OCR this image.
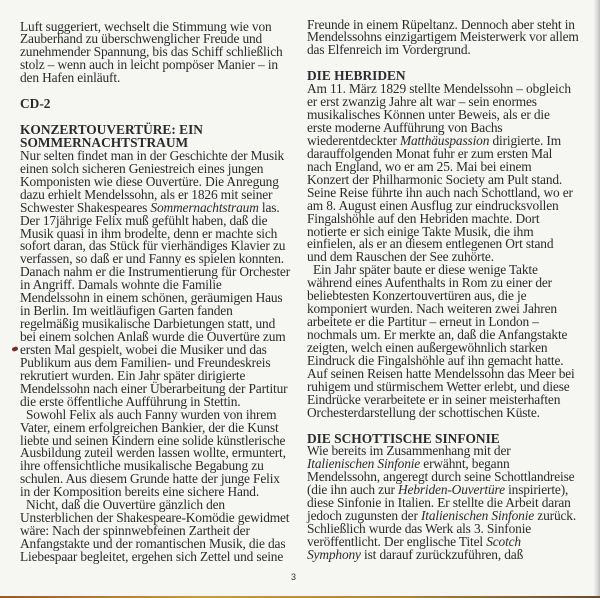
Luft suggeriert, wechselt die Stimmung wie von
Zauberhand zu überschwenglicher Freude und
zunehmender Spannung, bis das Schiff schließlich
stolz – wenn auch in leicht pompöser Manier – in
den Hafen einläuft.
CD-2
KONZERTOUVERTÜRE: EIN
SOMMERNACHTSTRAUM
Nur selten findet man in der Geschichte der Musik
einen solch sicheren Geniestreich eines jungen
Komponisten wie diese Ouvertüre. Die Anregung
dazu erhielt Mendelssohn, als er 1826 mit seiner
Schwester Shakespeares Sommernachtstraum las.
Der 17jährige Felix muß gefühlt haben, daß die
Musik quasi in ihm brodelte, denn er machte sich
sofort daran, das Stück für vierhändiges Klavier zu
verfassen, so daß er und Fanny es spielen konnten.
Danach nahm er die Instrumentierung für Orchester
in Angriff. Damals wohnte die Familie
Mendelssohn in einem schönen, geräumigen Haus
in Berlin. Im weitläufigen Garten fanden
regelmäßig musikalische Darbietungen statt, und
bei einem solchen Anlaß wurde die Ouvertüre zum
ersten Mal gespielt, wobei die Musiker und das
Publikum aus dem Familien- und Freundeskreis
rekrutiert wurden. Ein Jahr später dirigierte
Mendelssohn nach einer Überarbeitung der Partitur
die erste öffentliche Aufführung in Stettin.
Sowohl Felix als auch Fanny wurden von ihrem
Vater, einem erfolgreichen Bankier, der die Kunst
liebte und seinen Kindern eine solide künstlerische
Ausbildung zuteil werden lassen wollte, ermuntert,
ihre offensichtliche musikalische Begabung zu
schulen. Aus diesem Grunde hatte der junge Felix
in der Komposition bereits eine sichere Hand.
Nicht, daß die Ouvertüre gänzlich den
Unsterblichen der Shakespeare-Komödie gewidmet
wäre: Nach der spinnwebfeinen Zartheit der
Anfangstakte und der romantischen Musik, die das
Liebespaar begleitet, ergehen sich Zettel und seine
Freunde in einem Rüpeltanz. Dennoch aber steht in
Mendelssohns einzigartigem Meisterwerk vor allem
das Elfenreich im Vordergrund.
DIE HEBRIDEN
Am 11. März 1829 stellte Mendelssohn – obgleich
er erst zwanzig Jahre alt war – sein enormes
musikalisches Können unter Beweis, als er die
erste moderne Aufführung von Bachs
wiederentdeckter Matthäuspassion dirigierte. Im
darauffolgenden Monat fuhr er zum ersten Mal
nach England, wo er am 25. Mai bei einem
Konzert der Philharmonic Society am Pult stand.
Seine Reise führte ihn auch nach Schottland, wo er
am 8. August einen Ausflug zur eindrucksvollen
Fingalshöhle auf den Hebriden machte. Dort
notierte er sich einige Takte Musik, die ihm
einfielen, als er an diesem entlegenen Ort stand
und dem Rauschen der See zuhörte.
Ein Jahr später baute er diese wenige Takte
während eines Aufenthalts in Rom zu einer der
beliebtesten Konzertouvertüren aus, die je
komponiert wurden. Nach weiteren zwei Jahren
arbeitete er die Partitur – erneut in London –
nochmals um. Er merkte an, daß die Anfangstakte
zeigten, welch einen außergewöhnlich starken
Eindruck die Fingalshöhle auf ihn gemacht hatte.
Auf seinen Reisen hatte Mendelssohn das Meer bei
ruhigem und stürmischem Wetter erlebt, und diese
Eindrücke verarbeitete er in seiner meisterhaften
Orchesterdarstellung der schottischen Küste.
DIE SCHOTTISCHE SINFONIE
Wie bereits im Zusammenhang mit der
Italienischen Sinfonie erwähnt, begann
Mendelssohn, angeregt durch seine Schottlandreise
(die ihn auch zur Hebriden-Ouvertüre inspirierte),
diese Sinfonie in Italien. Er stellte die Arbeit daran
jedoch zugunsten der Italienischen Sinfonie zurück.
Schließlich wurde das Werk als 3. Sinfonie
veröffentlicht. Der englische Titel Scotch
Symphony ist darauf zurückzuführen, daß
3
